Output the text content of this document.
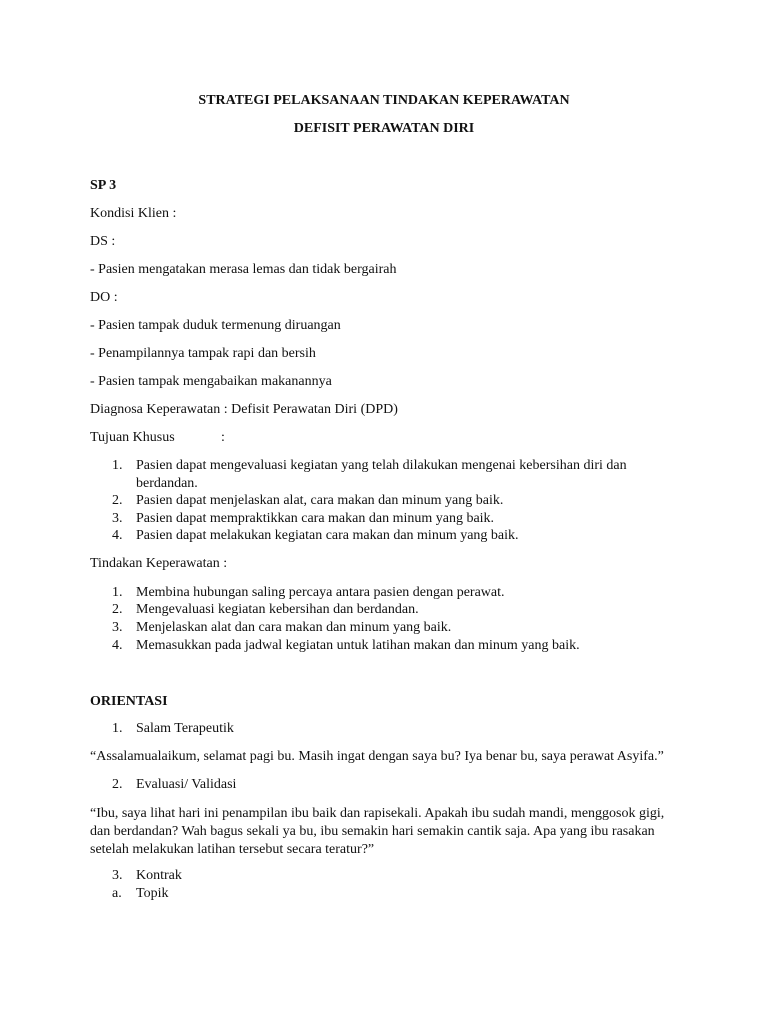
STRATEGI PELAKSANAAN TINDAKAN KEPERAWATAN
DEFISIT PERAWATAN DIRI
SP 3
Kondisi Klien :
DS :
- Pasien mengatakan merasa lemas dan tidak bergairah
DO :
- Pasien tampak duduk termenung diruangan
- Penampilannya tampak rapi dan bersih
- Pasien tampak mengabaikan makanannya
Diagnosa Keperawatan : Defisit Perawatan Diri (DPD)
Tujuan Khusus	:
1. Pasien dapat mengevaluasi kegiatan yang telah dilakukan mengenai kebersihan diri dan berdandan.
2. Pasien dapat menjelaskan alat, cara makan dan minum yang baik.
3. Pasien dapat mempraktikkan cara makan dan minum yang baik.
4. Pasien dapat melakukan kegiatan cara makan dan minum yang baik.
Tindakan Keperawatan :
1. Membina hubungan saling percaya antara pasien dengan perawat.
2. Mengevaluasi kegiatan kebersihan dan berdandan.
3. Menjelaskan alat dan cara makan dan minum yang baik.
4. Memasukkan pada jadwal kegiatan untuk latihan makan dan minum yang baik.
ORIENTASI
1. Salam Terapeutik
“Assalamualaikum, selamat pagi bu. Masih ingat dengan saya bu? Iya benar bu, saya perawat Asyifa.”
2. Evaluasi/ Validasi
“Ibu, saya lihat hari ini penampilan ibu baik dan rapisekali. Apakah ibu sudah mandi, menggosok gigi, dan berdandan? Wah bagus sekali ya bu, ibu semakin hari semakin cantik saja. Apa yang ibu rasakan setelah melakukan latihan tersebut secara teratur?”
3. Kontrak
a. Topik
